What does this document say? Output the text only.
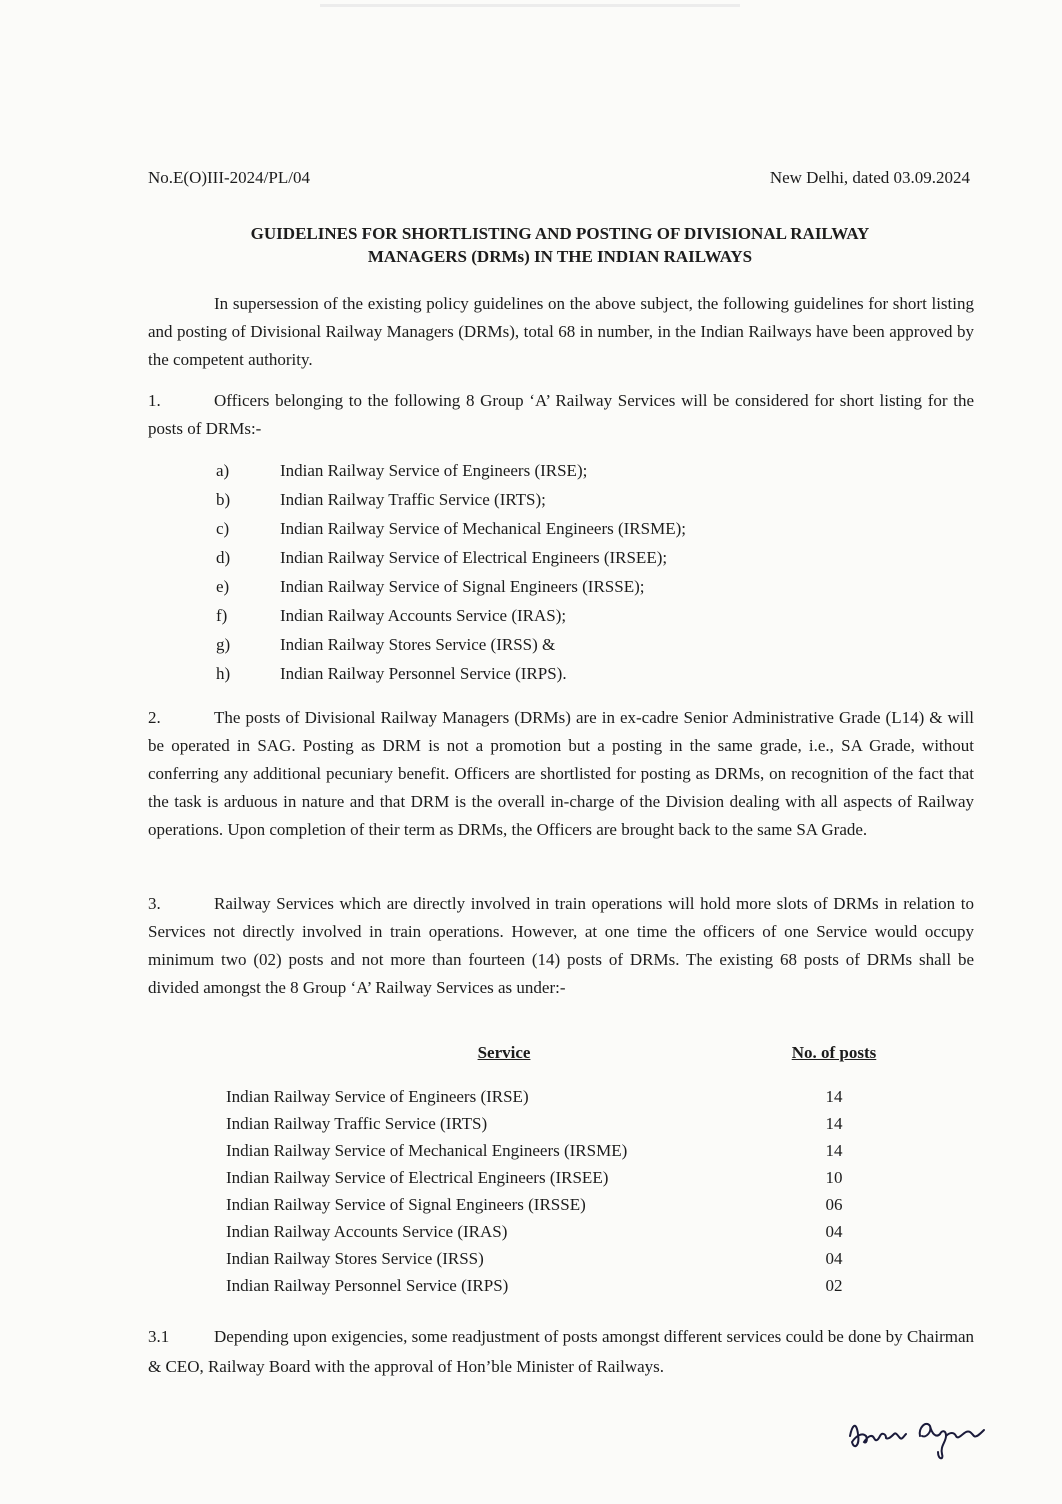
No.E(O)III-2024/PL/04	New Delhi, dated 03.09.2024
GUIDELINES FOR SHORTLISTING AND POSTING OF DIVISIONAL RAILWAY
MANAGERS (DRMs) IN THE INDIAN RAILWAYS
In supersession of the existing policy guidelines on the above subject, the following guidelines for short listing and posting of Divisional Railway Managers (DRMs), total 68 in number, in the Indian Railways have been approved by the competent authority.
1.	Officers belonging to the following 8 Group ‘A’ Railway Services will be considered for short listing for the posts of DRMs:-
a)	Indian Railway Service of Engineers (IRSE);
b)	Indian Railway Traffic Service (IRTS);
c)	Indian Railway Service of Mechanical Engineers (IRSME);
d)	Indian Railway Service of Electrical Engineers (IRSEE);
e)	Indian Railway Service of Signal Engineers (IRSSE);
f)	Indian Railway Accounts Service (IRAS);
g)	Indian Railway Stores Service (IRSS) &
h)	Indian Railway Personnel Service (IRPS).
2.	The posts of Divisional Railway Managers (DRMs) are in ex-cadre Senior Administrative Grade (L14) & will be operated in SAG. Posting as DRM is not a promotion but a posting in the same grade, i.e., SA Grade, without conferring any additional pecuniary benefit. Officers are shortlisted for posting as DRMs, on recognition of the fact that the task is arduous in nature and that DRM is the overall in-charge of the Division dealing with all aspects of Railway operations. Upon completion of their term as DRMs, the Officers are brought back to the same SA Grade.
3.	Railway Services which are directly involved in train operations will hold more slots of DRMs in relation to Services not directly involved in train operations. However, at one time the officers of one Service would occupy minimum two (02) posts and not more than fourteen (14) posts of DRMs. The existing 68 posts of DRMs shall be divided amongst the 8 Group ‘A’ Railway Services as under:-
Service	No. of posts
Indian Railway Service of Engineers (IRSE)	14
Indian Railway Traffic Service (IRTS)	14
Indian Railway Service of Mechanical Engineers (IRSME)	14
Indian Railway Service of Electrical Engineers (IRSEE)	10
Indian Railway Service of Signal Engineers (IRSSE)	06
Indian Railway Accounts Service (IRAS)	04
Indian Railway Stores Service (IRSS)	04
Indian Railway Personnel Service (IRPS)	02
3.1	Depending upon exigencies, some readjustment of posts amongst different services could be done by Chairman & CEO, Railway Board with the approval of Hon’ble Minister of Railways.
